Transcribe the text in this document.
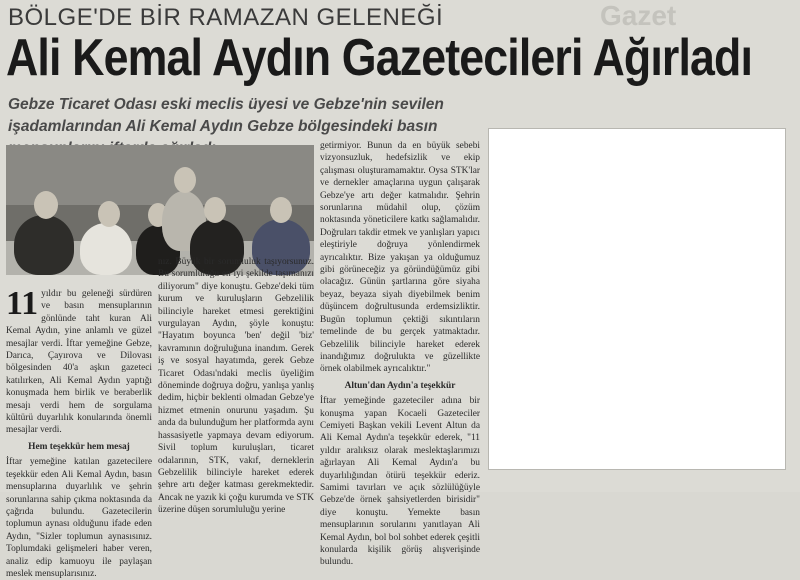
Gazet
BÖLGE'DE BİR RAMAZAN GELENEĞİ
Ali Kemal Aydın Gazetecileri Ağırladı
Gebze Ticaret Odası eski meclis üyesi ve Gebze'nin sevilen işadamlarından Ali Kemal Aydın Gebze bölgesindeki basın

11 yıldır bu geleneği sürdüren ve basın mensuplarının gönlünde taht kuran Ali Kemal Aydın, yine anlamlı ve güzel mesajlar verdi. İftar yemeğine Gebze, Darıca, Çayırova ve Dilovası bölgesinden 40'a aşkın gazeteci katılırken, Ali Kemal Aydın yaptığı konuşmada hem birlik ve beraberlik mesajı verdi hem de sorgulama kültürü duyarlılık konularında önemli mesajlar verdi.

Hem teşekkür hem mesaj

İftar yemeğine katılan gazetecilere teşekkür eden Ali Kemal Aydın, basın mensuplarına duyarlılık ve şehrin sorunlarına sahip çıkma noktasında da çağrıda bulundu. Gazetecilerin toplumun aynası olduğunu ifade eden Aydın, "Sizler toplumun aynasısınız. Toplumdaki gelişmeleri haber veren, analiz edip kamuoyu ile paylaşan meslek mensuplarısınız.

nız. Büyük bir sorumluluk taşıyorsunuz. Bu sorumluluğu en iyi şekilde taşımanızı diliyorum" diye konuştu. Gebze'deki tüm kurum ve kuruluşların Gebzelilik bilinciyle hareket etmesi gerektiğini vurgulayan Aydın, şöyle konuştu: "Hayatım boyunca 'ben' değil 'biz' kavramının doğruluğuna inandım. Gerek iş ve sosyal hayatımda, gerek Gebze Ticaret Odası'ndaki meclis üyeliğim döneminde doğruya doğru, yanlışa yanlış dedim, hiçbir beklenti olmadan Gebze'ye hizmet etmenin onurunu yaşadım. Şu anda da bulunduğum her platformda aynı hassasiyetle yapmaya devam ediyorum. Sivil toplum kuruluşları, ticaret odalarının, STK, vakıf, derneklerin Gebzelilik bilinciyle hareket ederek şehre artı değer katması gerekmektedir. Ancak ne yazık ki çoğu kurumda ve STK üzerine düşen sorumluluğu yerine

getirmiyor. Bunun da en büyük sebebi vizyonsuzluk, hedefsizlik ve ekip çalışması oluşturamamaktır. Oysa STK'lar ve dernekler amaçlarına uygun çalışarak Gebze'ye artı değer katmalıdır. Şehrin sorunlarına müdahil olup, çözüm noktasında yöneticilere katkı sağlamalıdır. Doğruları takdir etmek ve yanlışları yapıcı eleştiriyle doğruya yönlendirmek ayrıcalıktır. Bize yakışan ya olduğumuz gibi görüneceğiz ya göründüğümüz gibi olacağız. Günün şartlarına göre siyaha beyaz, beyaza siyah diyebilmek benim düşüncem doğrultusunda erdemsizliktir. Bugün toplumun çektiği sıkıntıların temelinde de bu gerçek yatmaktadır. Gebzelilik bilinciyle hareket ederek inandığımız doğrulukta ve güzellikte örnek olabilmek ayrıcalıktır."

Altun'dan Aydın'a teşekkür

İftar yemeğinde gazeteciler adına bir konuşma yapan Kocaeli Gazeteciler Cemiyeti Başkan vekili Levent Altun da Ali Kemal Aydın'a teşekkür ederek, "11 yıldır aralıksız olarak meslektaşlarımızı ağırlayan Ali Kemal Aydın'a bu duyarlılığından ötürü teşekkür ederiz. Samimi tavırları ve açık sözlülüğüyle Gebze'de örnek şahsiyetlerden birisidir" diye konuştu. Yemekte basın mensuplarının sorularını yanıtlayan Ali Kemal Aydın, bol bol sohbet ederek çeşitli konularda kişilik görüş alışverişinde bulundu.
